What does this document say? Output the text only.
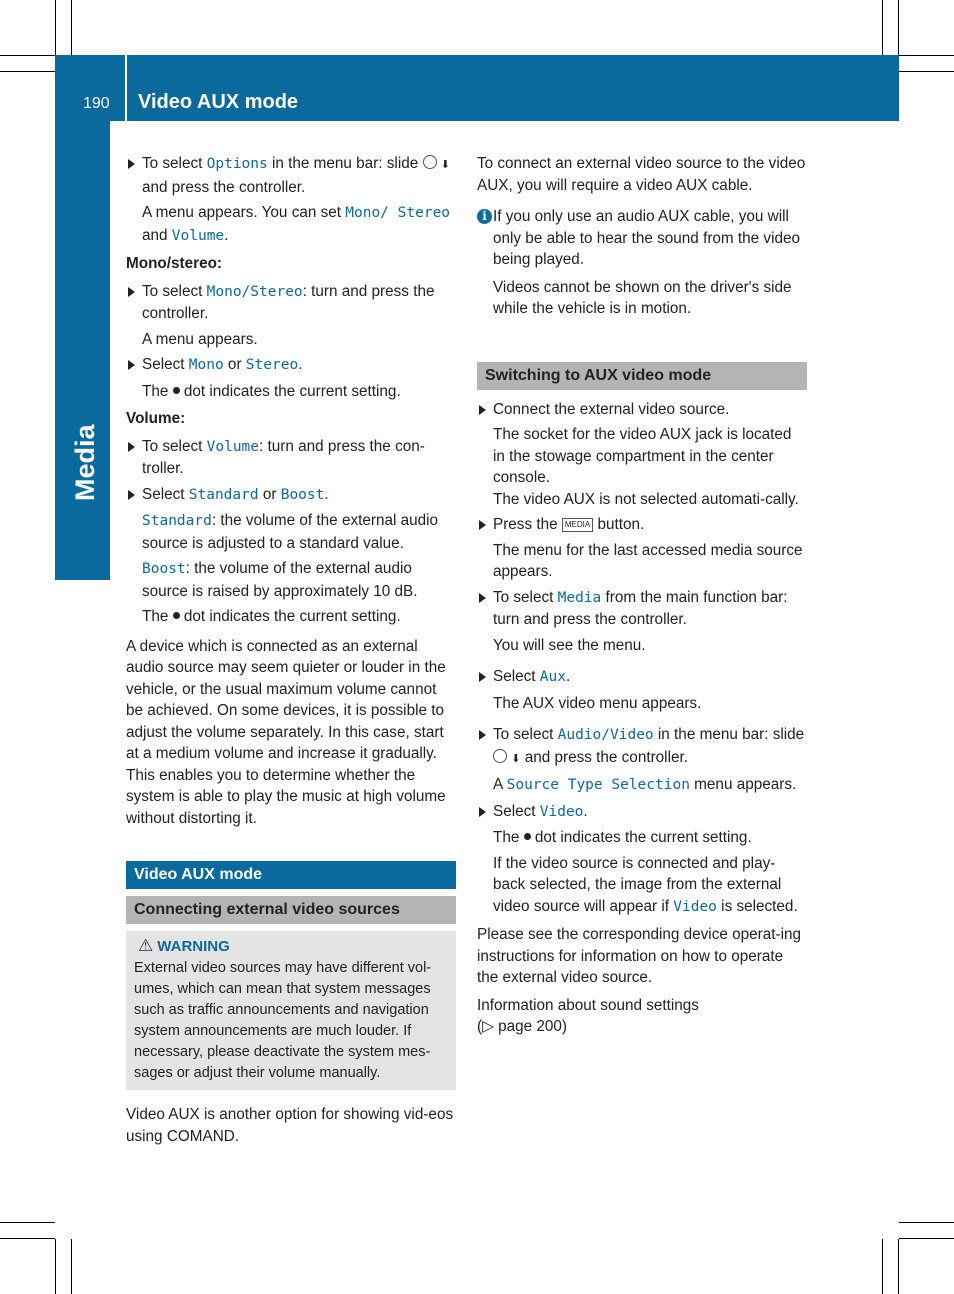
190 Video AUX mode
Media
To select Options in the menu bar: slide  ⬇ and press the controller.
A menu appears. You can set Mono/ Stereo and Volume.

Mono/stereo:

To select Mono/Stereo: turn and press the controller.
A menu appears.
Select Mono or Stereo.
The  dot indicates the current setting.

Volume:

To select Volume: turn and press the con-troller.
Select Standard or Boost.
Standard: the volume of the external audio source is adjusted to a standard value.
Boost: the volume of the external audio source is raised by approximately 10 dB.
The  dot indicates the current setting.

A device which is connected as an external audio source may seem quieter or louder in the vehicle, or the usual maximum volume cannot be achieved. On some devices, it is possible to adjust the volume separately. In this case, start at a medium volume and increase it gradually. This enables you to determine whether the system is able to play the music at high volume without distorting it.

Video AUX mode
Connecting external video sources
⚠ WARNING
External video sources may have different vol-umes, which can mean that system messages such as traffic announcements and navigation system announcements are much louder. If necessary, please deactivate the system mes-sages or adjust their volume manually.

Video AUX is another option for showing vid-eos using COMAND.

To connect an external video source to the video AUX, you will require a video AUX cable.

i If you only use an audio AUX cable, you will only be able to hear the sound from the video being played.
Videos cannot be shown on the driver's side while the vehicle is in motion.
Switching to AUX video mode
Connect the external video source.
The socket for the video AUX jack is located in the stowage compartment in the center console.
The video AUX is not selected automati-cally.
Press the MEDIA button.
The menu for the last accessed media source appears.
To select Media from the main function bar: turn and press the controller.
You will see the menu.
Select Aux.
The AUX video menu appears.
To select Audio/Video in the menu bar: slide  ⬇ and press the controller.
A Source Type Selection menu appears.
Select Video.
The  dot indicates the current setting.
If the video source is connected and play-back selected, the image from the external video source will appear if Video is selected.

Please see the corresponding device operat-ing instructions for information on how to operate the external video source.

Information about sound settings
(▷ page 200)
